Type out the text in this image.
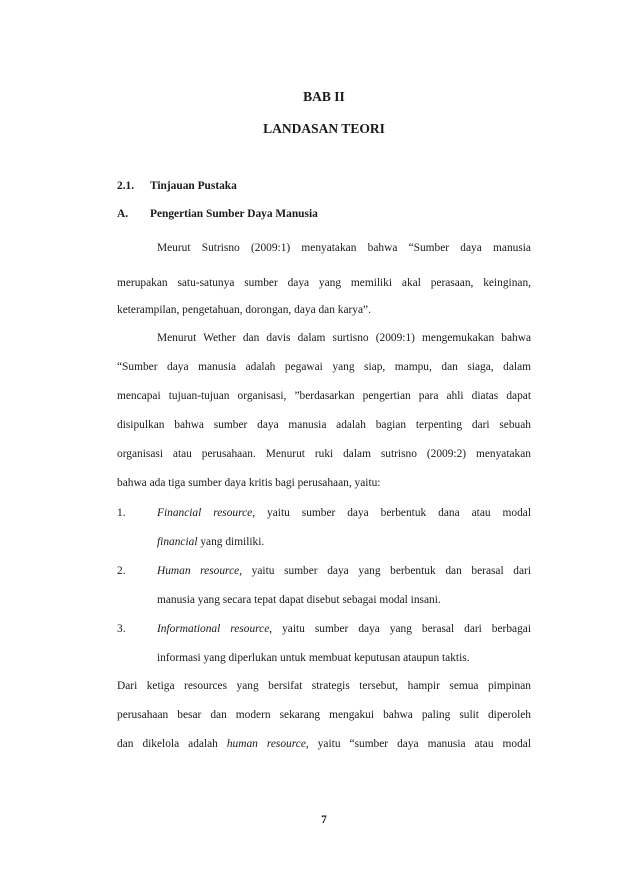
BAB II
LANDASAN TEORI
2.1. Tinjauan Pustaka
A. Pengertian Sumber Daya Manusia
Meurut Sutrisno (2009:1) menyatakan bahwa “Sumber daya manusia
merupakan satu-satunya sumber daya yang memiliki akal perasaan, keinginan,
keterampilan, pengetahuan, dorongan, daya dan karya”.
Menurut Wether dan davis dalam surtisno (2009:1) mengemukakan bahwa
“Sumber daya manusia adalah pegawai yang siap, mampu, dan siaga, dalam
mencapai tujuan-tujuan organisasi, ”berdasarkan pengertian para ahli diatas dapat
disipulkan bahwa sumber daya manusia adalah bagian terpenting dari sebuah
organisasi atau perusahaan. Menurut ruki dalam sutrisno (2009:2) menyatakan
bahwa ada tiga sumber daya kritis bagi perusahaan, yaitu:
1.	Financial resource, yaitu sumber daya berbentuk dana atau modal
financial yang dimiliki.
2.	Human resource, yaitu sumber daya yang berbentuk dan berasal dari
manusia yang secara tepat dapat disebut sebagai modal insani.
3.	Informational resource, yaitu sumber daya yang berasal dari berbagai
informasi yang diperlukan untuk membuat keputusan ataupun taktis.
Dari ketiga resources yang bersifat strategis tersebut, hampir semua pimpinan
perusahaan besar dan modern sekarang mengakui bahwa paling sulit diperoleh
dan dikelola adalah human resource, yaitu “sumber daya manusia atau modal
7
